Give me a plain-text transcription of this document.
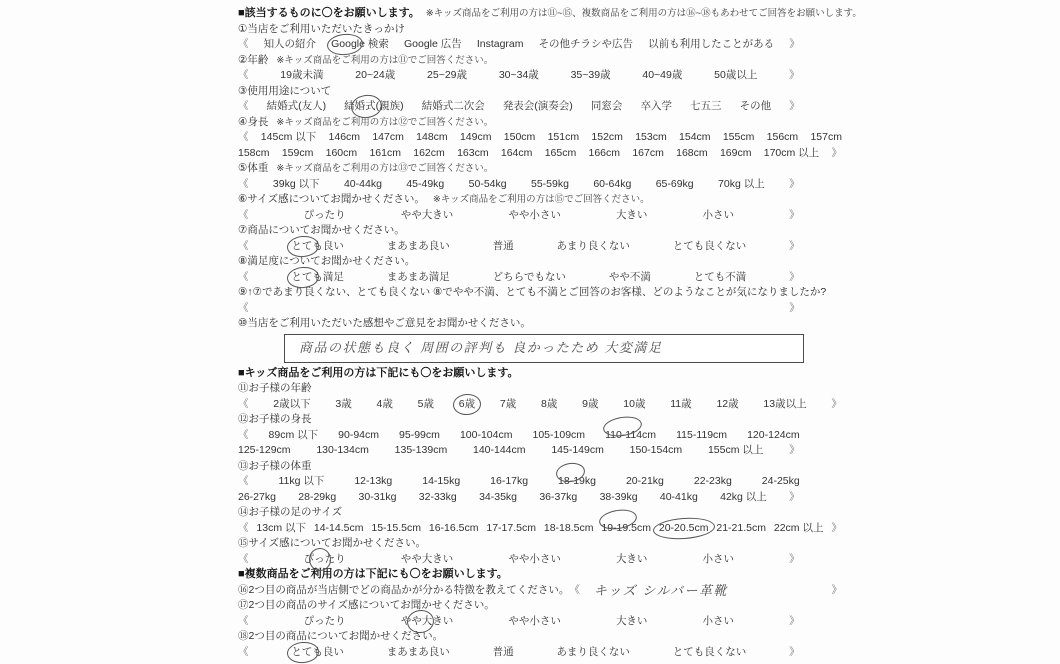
■該当するものに〇をお願いします。 ※キッズ商品をご利用の方は⑪~⑮、複数商品をご利用の方は⑯~⑱もあわせてご回答をお願いします。
①当店をご利用いただいたきっかけ
《 知人の紹介 Google 検索 Google 広告 Instagram その他チラシや広告 以前も利用したことがある 》
②年齢 ※キッズ商品をご利用の方は⑪でご回答ください。
《	19歳未満	20~24歳	25~29歳	30~34歳	35~39歳	40~49歳	50歳以上	》
③使用用途について
《 結婚式(友人) 結婚式(親族) 結婚式二次会 発表会(演奏会) 同窓会 卒入学 七五三 その他 》
④身長 ※キッズ商品をご利用の方は⑫でご回答ください。
《 145cm 以下 146cm 147cm 148cm 149cm 150cm 151cm 152cm 153cm 154cm 155cm 156cm 157cm
158cm 159cm 160cm 161cm 162cm 163cm 164cm 165cm 166cm 167cm 168cm 169cm 170cm 以上 》
⑤体重 ※キッズ商品をご利用の方は⑬でご回答ください。
《 39kg 以下 40-44kg 45-49kg 50-54kg 55-59kg 60-64kg 65-69kg 70kg 以上 》
⑥サイズ感についてお聞かせください。 ※キッズ商品をご利用の方は⑮でご回答ください。
《	ぴったり	やや大きい	やや小さい	大きい	小さい	》
⑦商品についてお聞かせください。
《	とても良い	まあまあ良い	普通	あまり良くない	とても良くない	》
⑧満足度についてお聞かせください。
《	とても満足	まあまあ満足	どちらでもない	やや不満	とても不満	》
⑨↑⑦であまり良くない、とても良くない ⑧でやや不満、とても不満とご回答のお客様、どのようなことが気になりましたか?
《	》
⑩当店をご利用いただいた感想やご意見をお聞かせください。
商品の状態も良く 周囲の評判も 良かったため 大変満足
■キッズ商品をご利用の方は下記にも〇をお願いします。
⑪お子様の年齢
《 2歳以下 3歳 4歳 5歳 6歳 7歳 8歳 9歳 10歳 11歳 12歳 13歳以上 》
⑫お子様の身長
《 89cm 以下 90-94cm 95-99cm 100-104cm 105-109cm 110-114cm 115-119cm 120-124cm
125-129cm 130-134cm 135-139cm 140-144cm 145-149cm 150-154cm 155cm 以上 》
⑬お子様の体重
《	11kg 以下	12-13kg	14-15kg	16-17kg	18-19kg	20-21kg	22-23kg	24-25kg
26-27kg 28-29kg 30-31kg 32-33kg 34-35kg 36-37kg 38-39kg 40-41kg 42kg 以上 》
⑭お子様の足のサイズ
《 13cm 以下 14-14.5cm 15-15.5cm 16-16.5cm 17-17.5cm 18-18.5cm 19-19.5cm 20-20.5cm 21-21.5cm 22cm 以上 》
⑮サイズ感についてお聞かせください。
《	ぴったり	やや大きい	やや小さい	大きい	小さい	》
■複数商品をご利用の方は下記にも〇をお願いします。
⑯2つ目の商品が当店側でどの商品かが分かる特徴を教えてください。 《 キッズ シルバー革靴	》
⑰2つ目の商品のサイズ感についてお聞かせください。
《	ぴったり	やや大きい	やや小さい	大きい	小さい	》
⑱2つ目の商品についてお聞かせください。
《	とても良い	まあまあ良い	普通	あまり良くない	とても良くない	》
